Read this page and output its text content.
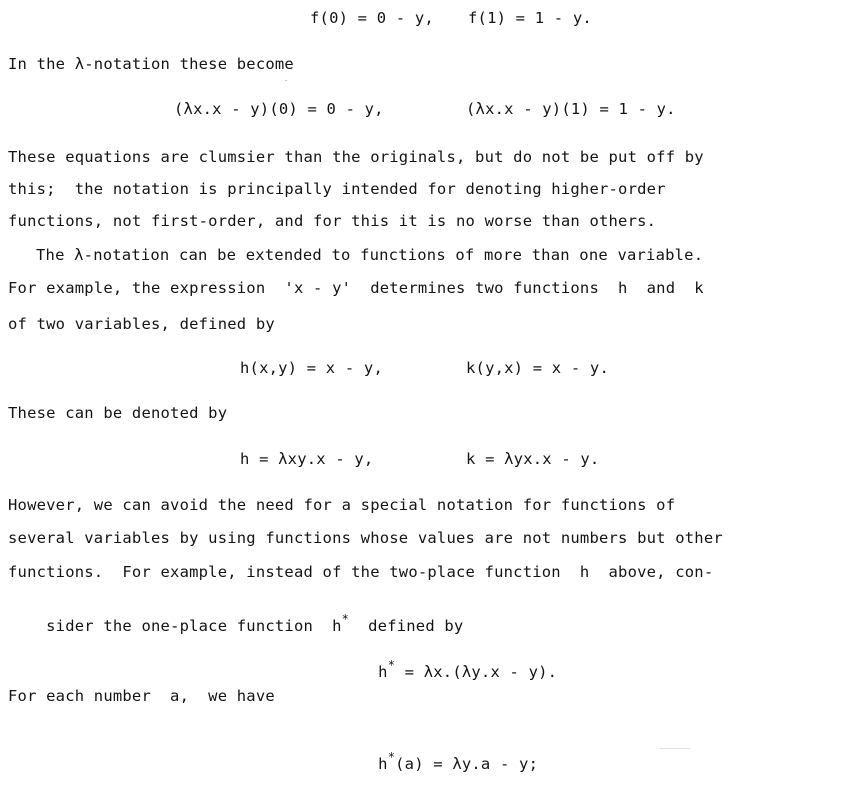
f(0) = 0 - y, f(1) = 1 - y.
In the λ-notation these become
(λx.x - y)(0) = 0 - y,	(λx.x - y)(1) = 1 - y.
These equations are clumsier than the originals, but do not be put off by
this;  the notation is principally intended for denoting higher-order
functions, not first-order, and for this it is no worse than others.
The λ-notation can be extended to functions of more than one variable.
For example, the expression  'x - y'  determines two functions  h  and  k
of two variables, defined by
h(x,y) = x - y,	k(y,x) = x - y.
These can be denoted by
h = λxy.x - y,	k = λyx.x - y.
However, we can avoid the need for a special notation for functions of
several variables by using functions whose values are not numbers but other
functions.  For example, instead of the two-place function  h  above, con-

sider the one-place function  h*  defined by

h* = λx.(λy.x - y).

For each number  a,  we have

h*(a) = λy.a - y;
